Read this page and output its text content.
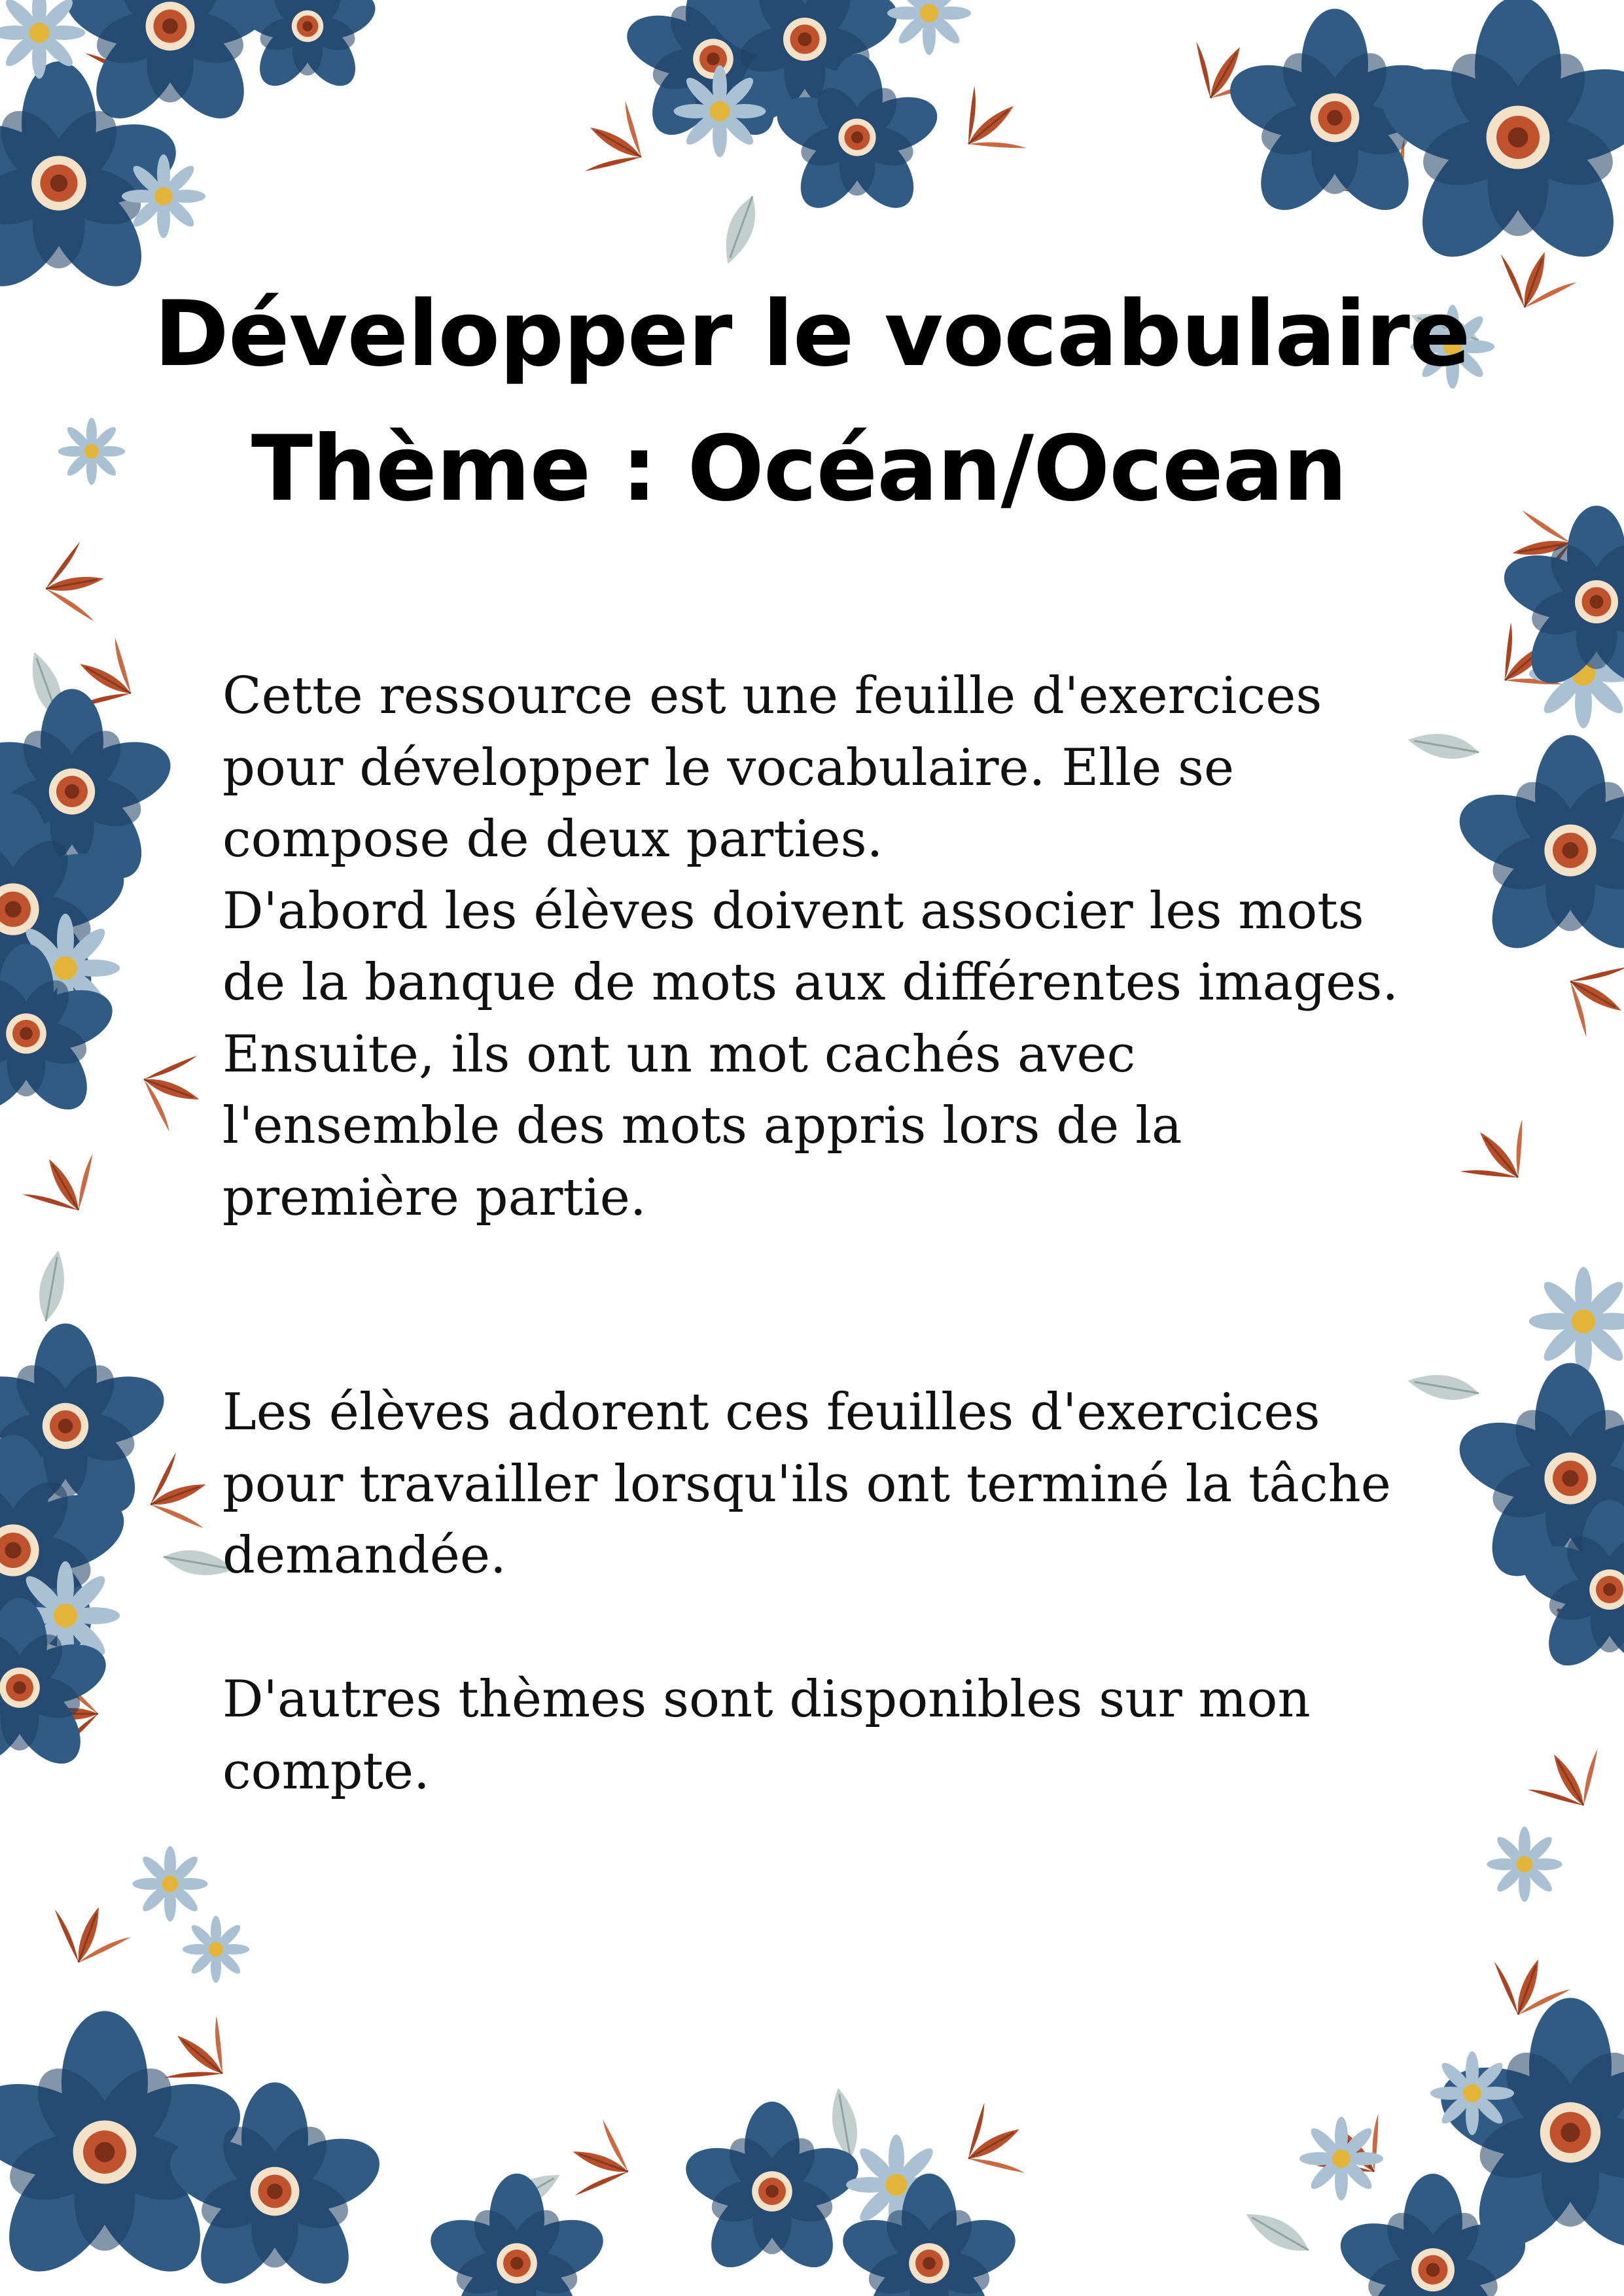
Développer le vocabulaire
Thème : Océan/Ocean
Cette ressource est une feuille d'exercices
pour développer le vocabulaire. Elle se
compose de deux parties.
D'abord les élèves doivent associer les mots
de la banque de mots aux différentes images.
Ensuite, ils ont un mot cachés avec
l'ensemble des mots appris lors de la
première partie.
Les élèves adorent ces feuilles d'exercices
pour travailler lorsqu'ils ont terminé la tâche
demandée.
D'autres thèmes sont disponibles sur mon
compte.
